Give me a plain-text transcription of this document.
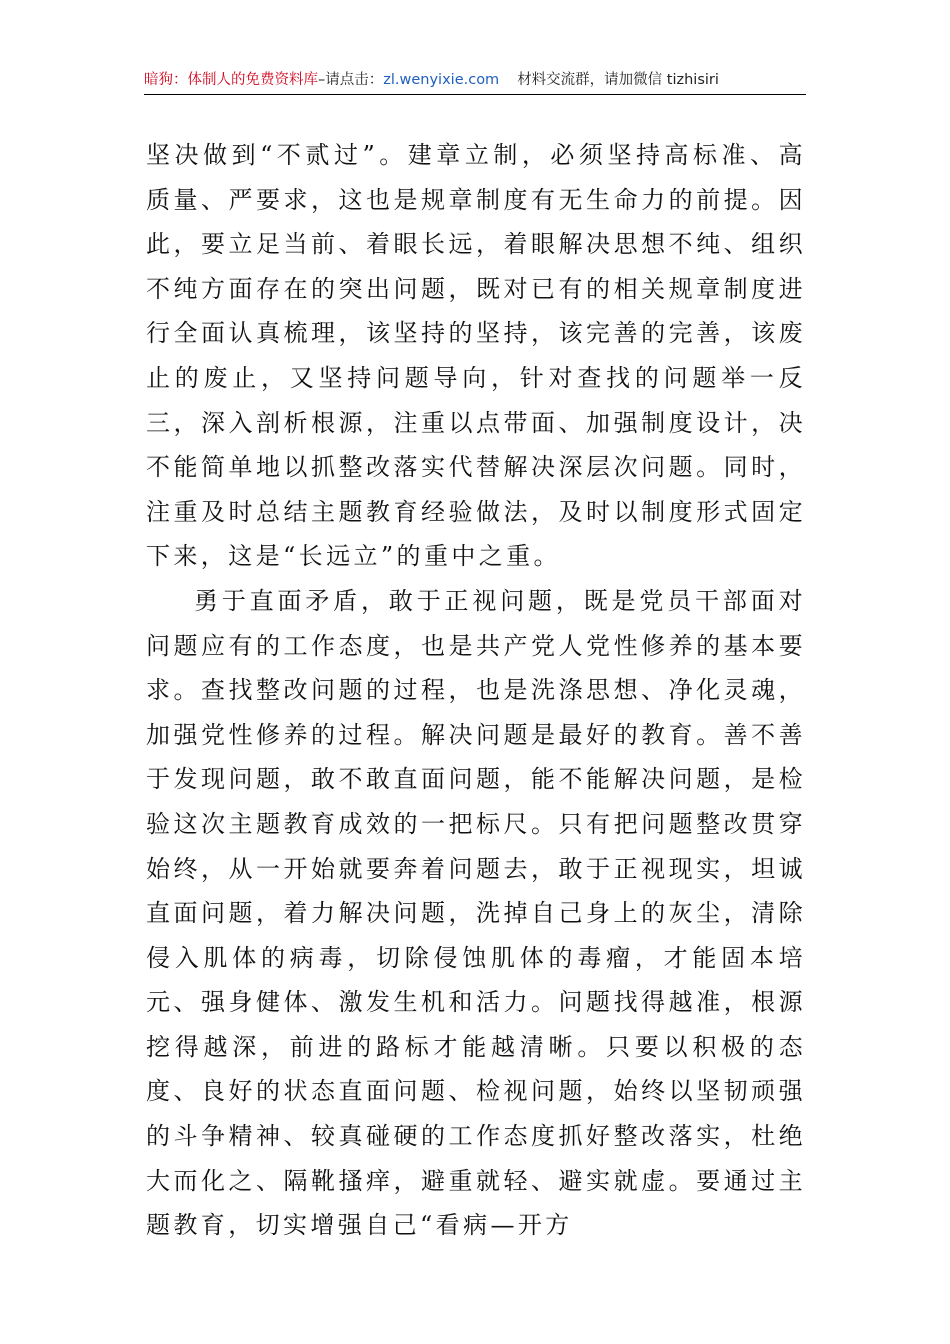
暗狗：体制人的免费资料库–请点击：zl.wenyixie.com 材料交流群，请加微信 tizhisiri

坚决做到“不贰过”。建章立制，必须坚持高标准、高质量、严要求，这也是规章制度有无生命力的前提。因此，要立足当前、着眼长远，着眼解决思想不纯、组织不纯方面存在的突出问题，既对已有的相关规章制度进行全面认真梳理，该坚持的坚持，该完善的完善，该废止的废止，又坚持问题导向，针对查找的问题举一反三，深入剖析根源，注重以点带面、加强制度设计，决不能简单地以抓整改落实代替解决深层次问题。同时，注重及时总结主题教育经验做法，及时以制度形式固定下来，这是“长远立”的重中之重。

勇于直面矛盾，敢于正视问题，既是党员干部面对问题应有的工作态度，也是共产党人党性修养的基本要求。查找整改问题的过程，也是洗涤思想、净化灵魂，加强党性修养的过程。解决问题是最好的教育。善不善于发现问题，敢不敢直面问题，能不能解决问题，是检验这次主题教育成效的一把标尺。只有把问题整改贯穿始终，从一开始就要奔着问题去，敢于正视现实，坦诚直面问题，着力解决问题，洗掉自己身上的灰尘，清除侵入肌体的病毒，切除侵蚀肌体的毒瘤，才能固本培元、强身健体、激发生机和活力。问题找得越准，根源挖得越深，前进的路标才能越清晰。只要以积极的态度、良好的状态直面问题、检视问题，始终以坚韧顽强的斗争精神、较真碰硬的工作态度抓好整改落实，杜绝大而化之、隔靴搔痒，避重就轻、避实就虚。要通过主题教育，切实增强自己“看病—开方
